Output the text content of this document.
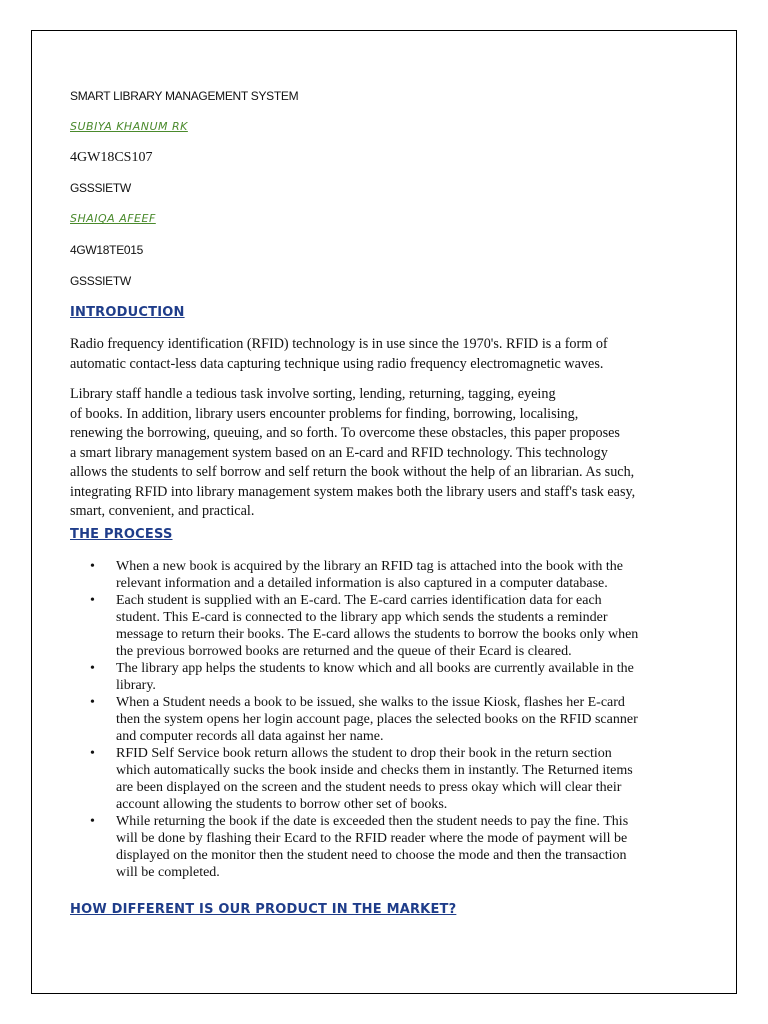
SMART LIBRARY MANAGEMENT SYSTEM
SUBIYA KHANUM RK
4GW18CS107
GSSSIETW
SHAIQA AFEEF
4GW18TE015
GSSSIETW
INTRODUCTION
Radio frequency identification (RFID) technology is in use since the 1970's. RFID is a form of
automatic contact-less data capturing technique using radio frequency electromagnetic waves.
Library staff handle a tedious task involve sorting, lending, returning, tagging, eyeing
of books. In addition, library users encounter problems for finding, borrowing, localising,
renewing the borrowing, queuing, and so forth. To overcome these obstacles, this paper proposes
a smart library management system based on an E-card and RFID technology. This technology
allows the students to self borrow and self return the book without the help of an librarian. As such,
integrating RFID into library management system makes both the library users and staff's task easy,
smart, convenient, and practical.
THE PROCESS
• When a new book is acquired by the library an RFID tag is attached into the book with the
relevant information and a detailed information is also captured in a computer database.
• Each student is supplied with an E-card. The E-card carries identification data for each
student. This E-card is connected to the library app which sends the students a reminder
message to return their books. The E-card allows the students to borrow the books only when
the previous borrowed books are returned and the queue of their Ecard is cleared.
• The library app helps the students to know which and all books are currently available in the
library.
• When a Student needs a book to be issued, she walks to the issue Kiosk, flashes her E-card
then the system opens her login account page, places the selected books on the RFID scanner
and computer records all data against her name.
• RFID Self Service book return allows the student to drop their book in the return section
which automatically sucks the book inside and checks them in instantly. The Returned items
are been displayed on the screen and the student needs to press okay which will clear their
account allowing the students to borrow other set of books.
• While returning the book if the date is exceeded then the student needs to pay the fine. This
will be done by flashing their Ecard to the RFID reader where the mode of payment will be
displayed on the monitor then the student need to choose the mode and then the transaction
will be completed.
HOW DIFFERENT IS OUR PRODUCT IN THE MARKET?
